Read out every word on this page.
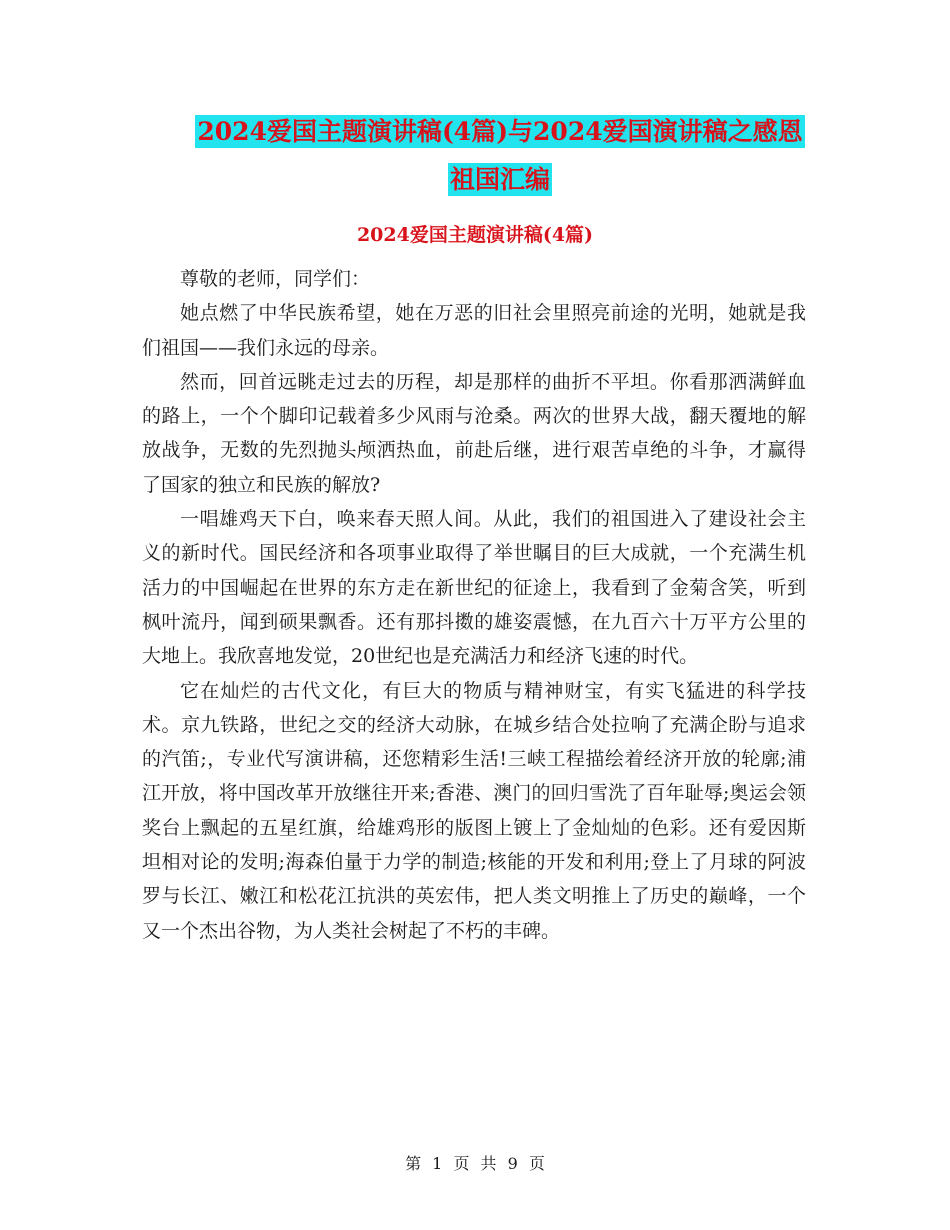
2024爱国主题演讲稿(4篇)与2024爱国演讲稿之感恩
祖国汇编
2024爱国主题演讲稿(4篇)

尊敬的老师，同学们：

她点燃了中华民族希望，她在万恶的旧社会里照亮前途的光明，她就是我们祖国——我们永远的母亲。

然而，回首远眺走过去的历程，却是那样的曲折不平坦。你看那洒满鲜血的路上，一个个脚印记载着多少风雨与沧桑。两次的世界大战，翻天覆地的解放战争，无数的先烈抛头颅洒热血，前赴后继，进行艰苦卓绝的斗争，才赢得了国家的独立和民族的解放?

一唱雄鸡天下白，唤来春天照人间。从此，我们的祖国进入了建设社会主义的新时代。国民经济和各项事业取得了举世瞩目的巨大成就，一个充满生机活力的中国崛起在世界的东方走在新世纪的征途上，我看到了金菊含笑，听到枫叶流丹，闻到硕果飘香。还有那抖擞的雄姿震憾，在九百六十万平方公里的大地上。我欣喜地发觉，20世纪也是充满活力和经济飞速的时代。

它在灿烂的古代文化，有巨大的物质与精神财宝，有实飞猛进的科学技术。京九铁路，世纪之交的经济大动脉，在城乡结合处拉响了充满企盼与追求的汽笛;，专业代写演讲稿，还您精彩生活!三峡工程描绘着经济开放的轮廓;浦江开放，将中国改革开放继往开来;香港、澳门的回归雪洗了百年耻辱;奥运会领奖台上飘起的五星红旗，给雄鸡形的版图上镀上了金灿灿的色彩。还有爱因斯坦相对论的发明;海森伯量于力学的制造;核能的开发和利用;登上了月球的阿波罗与长江、嫩江和松花江抗洪的英宏伟，把人类文明推上了历史的巅峰，一个又一个杰出谷物，为人类社会树起了不朽的丰碑。

第 1 页 共 9 页
